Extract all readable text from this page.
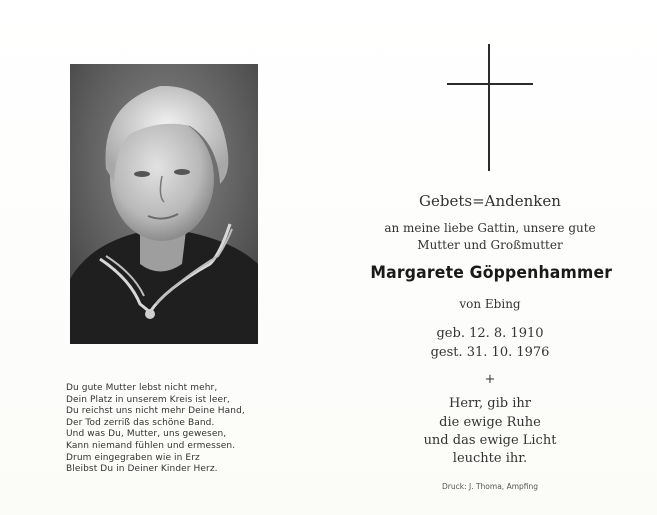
Du gute Mutter lebst nicht mehr,
Dein Platz in unserem Kreis ist leer,
Du reichst uns nicht mehr Deine Hand,
Der Tod zerriß das schöne Band.
Und was Du, Mutter, uns gewesen,
Kann niemand fühlen und ermessen.
Drum eingegraben wie in Erz
Bleibst Du in Deiner Kinder Herz.
Gebets=Andenken
an meine liebe Gattin, unsere gute
Mutter und Großmutter
Margarete Göppenhammer
von Ebing
geb. 12. 8. 1910
gest. 31. 10. 1976
+
Herr, gib ihr
die ewige Ruhe
und das ewige Licht
leuchte ihr.
Druck: J. Thoma, Ampfing
